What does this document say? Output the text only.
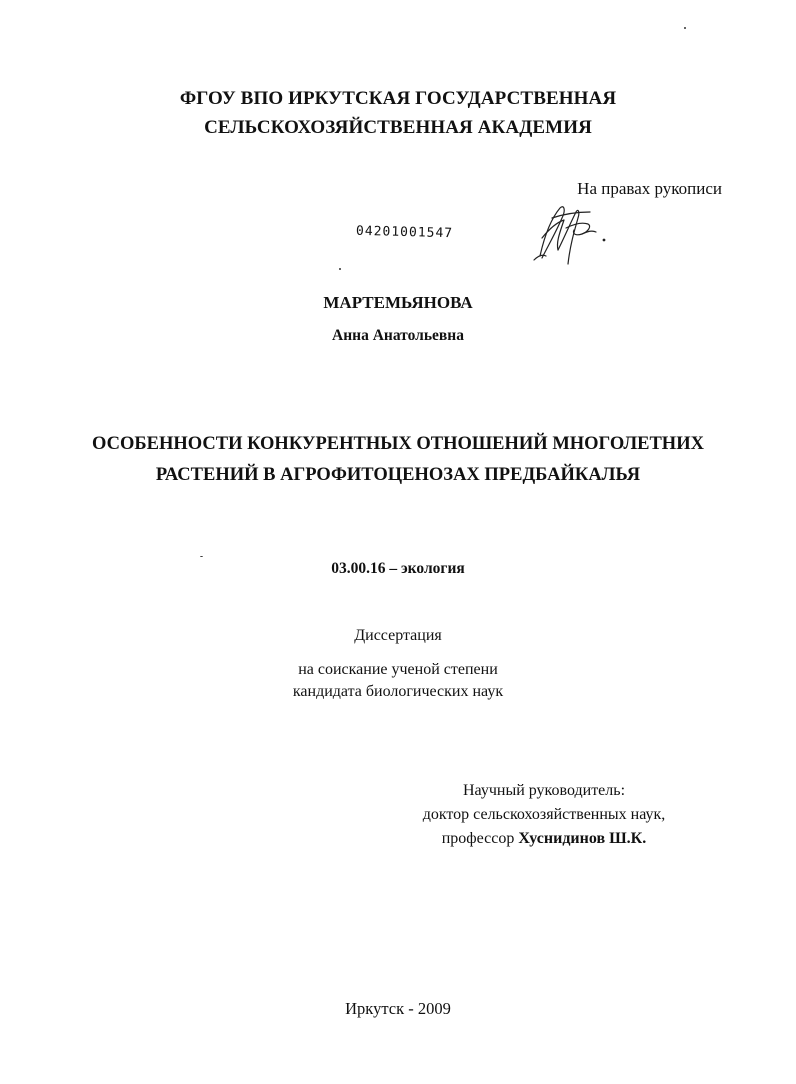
ФГОУ ВПО ИРКУТСКАЯ ГОСУДАРСТВЕННАЯ
СЕЛЬСКОХОЗЯЙСТВЕННАЯ АКАДЕМИЯ
На правах рукописи
04201001547
МАРТЕМЬЯНОВА
Анна Анатольевна
ОСОБЕННОСТИ КОНКУРЕНТНЫХ ОТНОШЕНИЙ МНОГОЛЕТНИХ
РАСТЕНИЙ В АГРОФИТОЦЕНОЗАХ ПРЕДБАЙКАЛЬЯ
03.00.16 – экология
Диссертация
на соискание ученой степени
кандидата биологических наук
Научный руководитель:
доктор сельскохозяйственных наук,
профессор Хуснидинов Ш.К.
Иркутск - 2009
